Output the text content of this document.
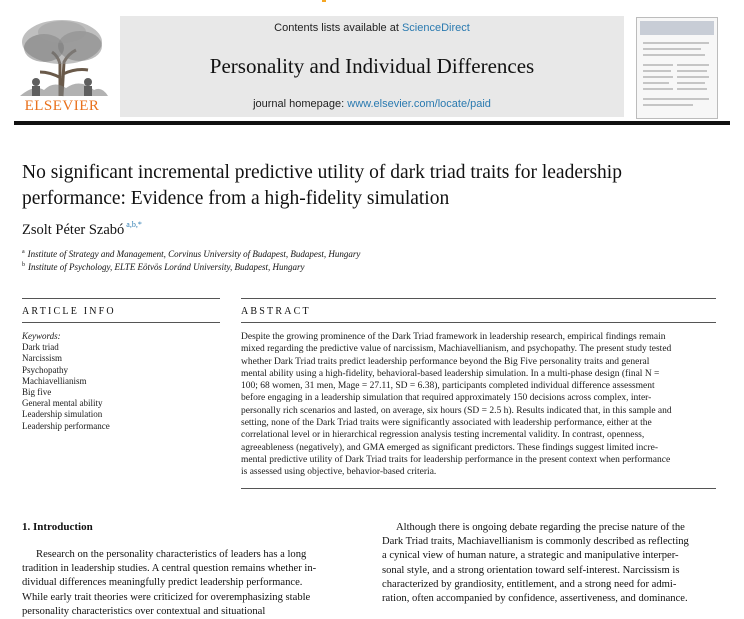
ELSEVIER
Contents lists available at ScienceDirect
Personality and Individual Differences
journal homepage: www.elsevier.com/locate/paid
No significant incremental predictive utility of dark triad traits for leadership performance: Evidence from a high-fidelity simulation
Zsolt Péter Szabó $^{a,b,*}$
$^a$ Institute of Strategy and Management, Corvinus University of Budapest, Budapest, Hungary
$^b$ Institute of Psychology, ELTE Eötvös Loránd University, Budapest, Hungary
ARTICLE INFO	ABSTRACT
Keywords:
Dark triad
Narcissism
Psychopathy
Machiavellianism
Big five
General mental ability
Leadership simulation
Leadership performance
Despite the growing prominence of the Dark Triad framework in leadership research, empirical findings remain
mixed regarding the predictive value of narcissism, Machiavellianism, and psychopathy. The present study tested
whether Dark Triad traits predict leadership performance beyond the Big Five personality traits and general
mental ability using a high-fidelity, behavioral-based leadership simulation. In a multi-phase design (final N =
100; 68 women, 31 men, Mage = 27.11, SD = 6.38), participants completed individual difference assessment
before engaging in a leadership simulation that required approximately 150 decisions across complex, inter-
personally rich scenarios and lasted, on average, six hours (SD = 2.5 h). Results indicated that, in this sample and
setting, none of the Dark Triad traits were significantly associated with leadership performance, either at the
correlational level or in hierarchical regression analysis testing incremental validity. In contrast, openness,
agreeableness (negatively), and GMA emerged as significant predictors. These findings suggest limited incre-
mental predictive utility of Dark Triad traits for leadership performance in the present context when performance
is assessed using objective, behavior-based criteria.
1. Introduction
Research on the personality characteristics of leaders has a long
tradition in leadership studies. A central question remains whether in-
dividual differences meaningfully predict leadership performance.
While early trait theories were criticized for overemphasizing stable
personality characteristics over contextual and situational
Although there is ongoing debate regarding the precise nature of the
Dark Triad traits, Machiavellianism is commonly described as reflecting
a cynical view of human nature, a strategic and manipulative interper-
sonal style, and a strong orientation toward self-interest. Narcissism is
characterized by grandiosity, entitlement, and a strong need for admi-
ration, often accompanied by confidence, assertiveness, and dominance.
